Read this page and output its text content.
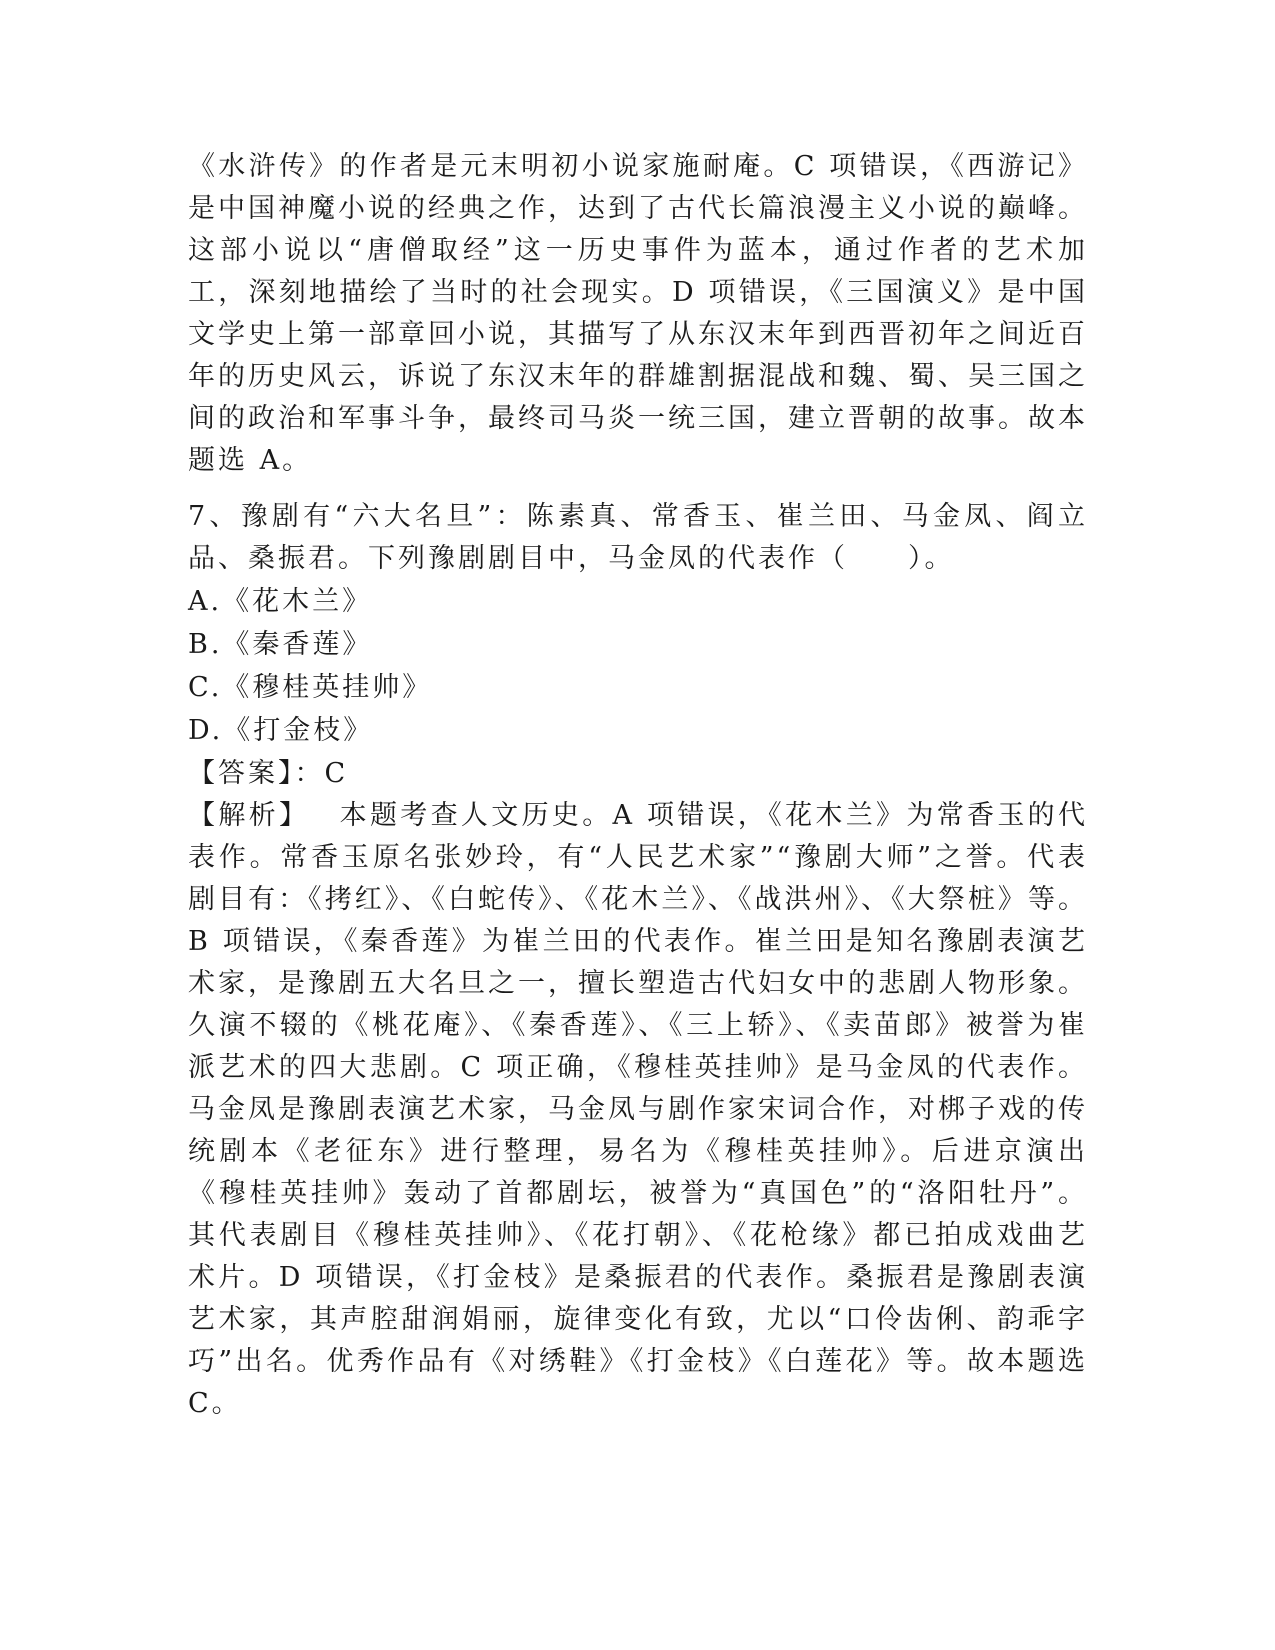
《水浒传》的作者是元末明初小说家施耐庵。C 项错误，《西游记》是中国神魔小说的经典之作，达到了古代长篇浪漫主义小说的巅峰。这部小说以“唐僧取经”这一历史事件为蓝本，通过作者的艺术加工，深刻地描绘了当时的社会现实。D 项错误，《三国演义》是中国文学史上第一部章回小说，其描写了从东汉末年到西晋初年之间近百年的历史风云，诉说了东汉末年的群雄割据混战和魏、蜀、吴三国之间的政治和军事斗争，最终司马炎一统三国，建立晋朝的故事。故本题选 A。

7、豫剧有“六大名旦”：陈素真、常香玉、崔兰田、马金凤、阎立品、桑振君。下列豫剧剧目中，马金凤的代表作（　　）。

A.《花木兰》

B.《秦香莲》

C.《穆桂英挂帅》

D.《打金枝》

【答案】：C

【解析】  本题考查人文历史。A 项错误，《花木兰》为常香玉的代表作。常香玉原名张妙玲，有“人民艺术家”“豫剧大师”之誉。代表剧目有：《拷红》、《白蛇传》、《花木兰》、《战洪州》、《大祭桩》等。B 项错误，《秦香莲》为崔兰田的代表作。崔兰田是知名豫剧表演艺术家，是豫剧五大名旦之一，擅长塑造古代妇女中的悲剧人物形象。久演不辍的《桃花庵》、《秦香莲》、《三上轿》、《卖苗郎》被誉为崔派艺术的四大悲剧。C 项正确，《穆桂英挂帅》是马金凤的代表作。马金凤是豫剧表演艺术家，马金凤与剧作家宋词合作，对梆子戏的传统剧本《老征东》进行整理，易名为《穆桂英挂帅》。后进京演出《穆桂英挂帅》轰动了首都剧坛，被誉为“真国色”的“洛阳牡丹”。其代表剧目《穆桂英挂帅》、《花打朝》、《花枪缘》都已拍成戏曲艺术片。D 项错误，《打金枝》是桑振君的代表作。桑振君是豫剧表演艺术家，其声腔甜润娟丽，旋律变化有致，尤以“口伶齿俐、韵乖字巧”出名。优秀作品有《对绣鞋》《打金枝》《白莲花》等。故本题选 C。
